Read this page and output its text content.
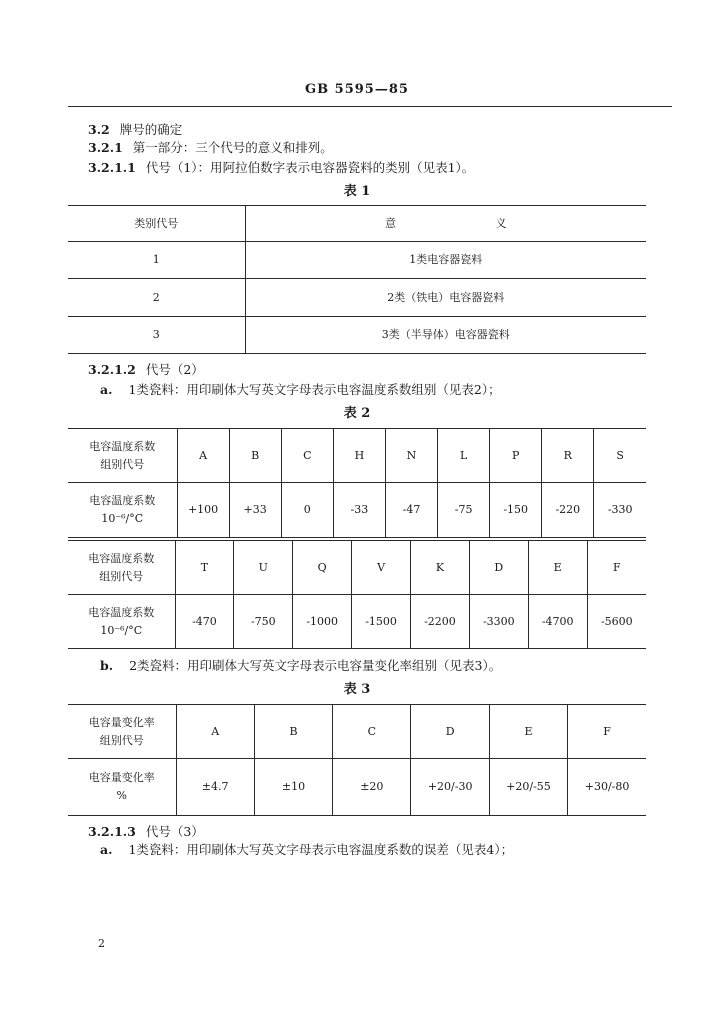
GB 5595—85
3.2 牌号的确定
3.2.1 第一部分：三个代号的意义和排列。
3.2.1.1 代号（1）：用阿拉伯数字表示电容器瓷料的类别（见表1）。
表 1
类别代号	意 义
1	1类电容器瓷料
2	2类（铁电）电容器瓷料
3	3类（半导体）电容器瓷料
3.2.1.2 代号（2）
a. 1类瓷料：用印刷体大写英文字母表示电容温度系数组别（见表2）；
表 2
电容温度系数
组别代号	A	B	C	H	N	L	P	R	S

电容温度系数
10⁻⁶/°C	+100	+33	0	-33	-47	-75	-150	-220	-330
电容温度系数
组别代号	T	U	Q	V	K	D	E	F

电容温度系数
10⁻⁶/°C	-470	-750	-1000	-1500	-2200	-3300	-4700	-5600
b. 2类瓷料：用印刷体大写英文字母表示电容量变化率组别（见表3）。
表 3
电容量变化率
组别代号	A	B	C	D	E	F

电容量变化率
%	±4.7	±10	±20	+20/-30	+20/-55	+30/-80
3.2.1.3 代号（3）
a. 1类瓷料：用印刷体大写英文字母表示电容温度系数的误差（见表4）；
2
